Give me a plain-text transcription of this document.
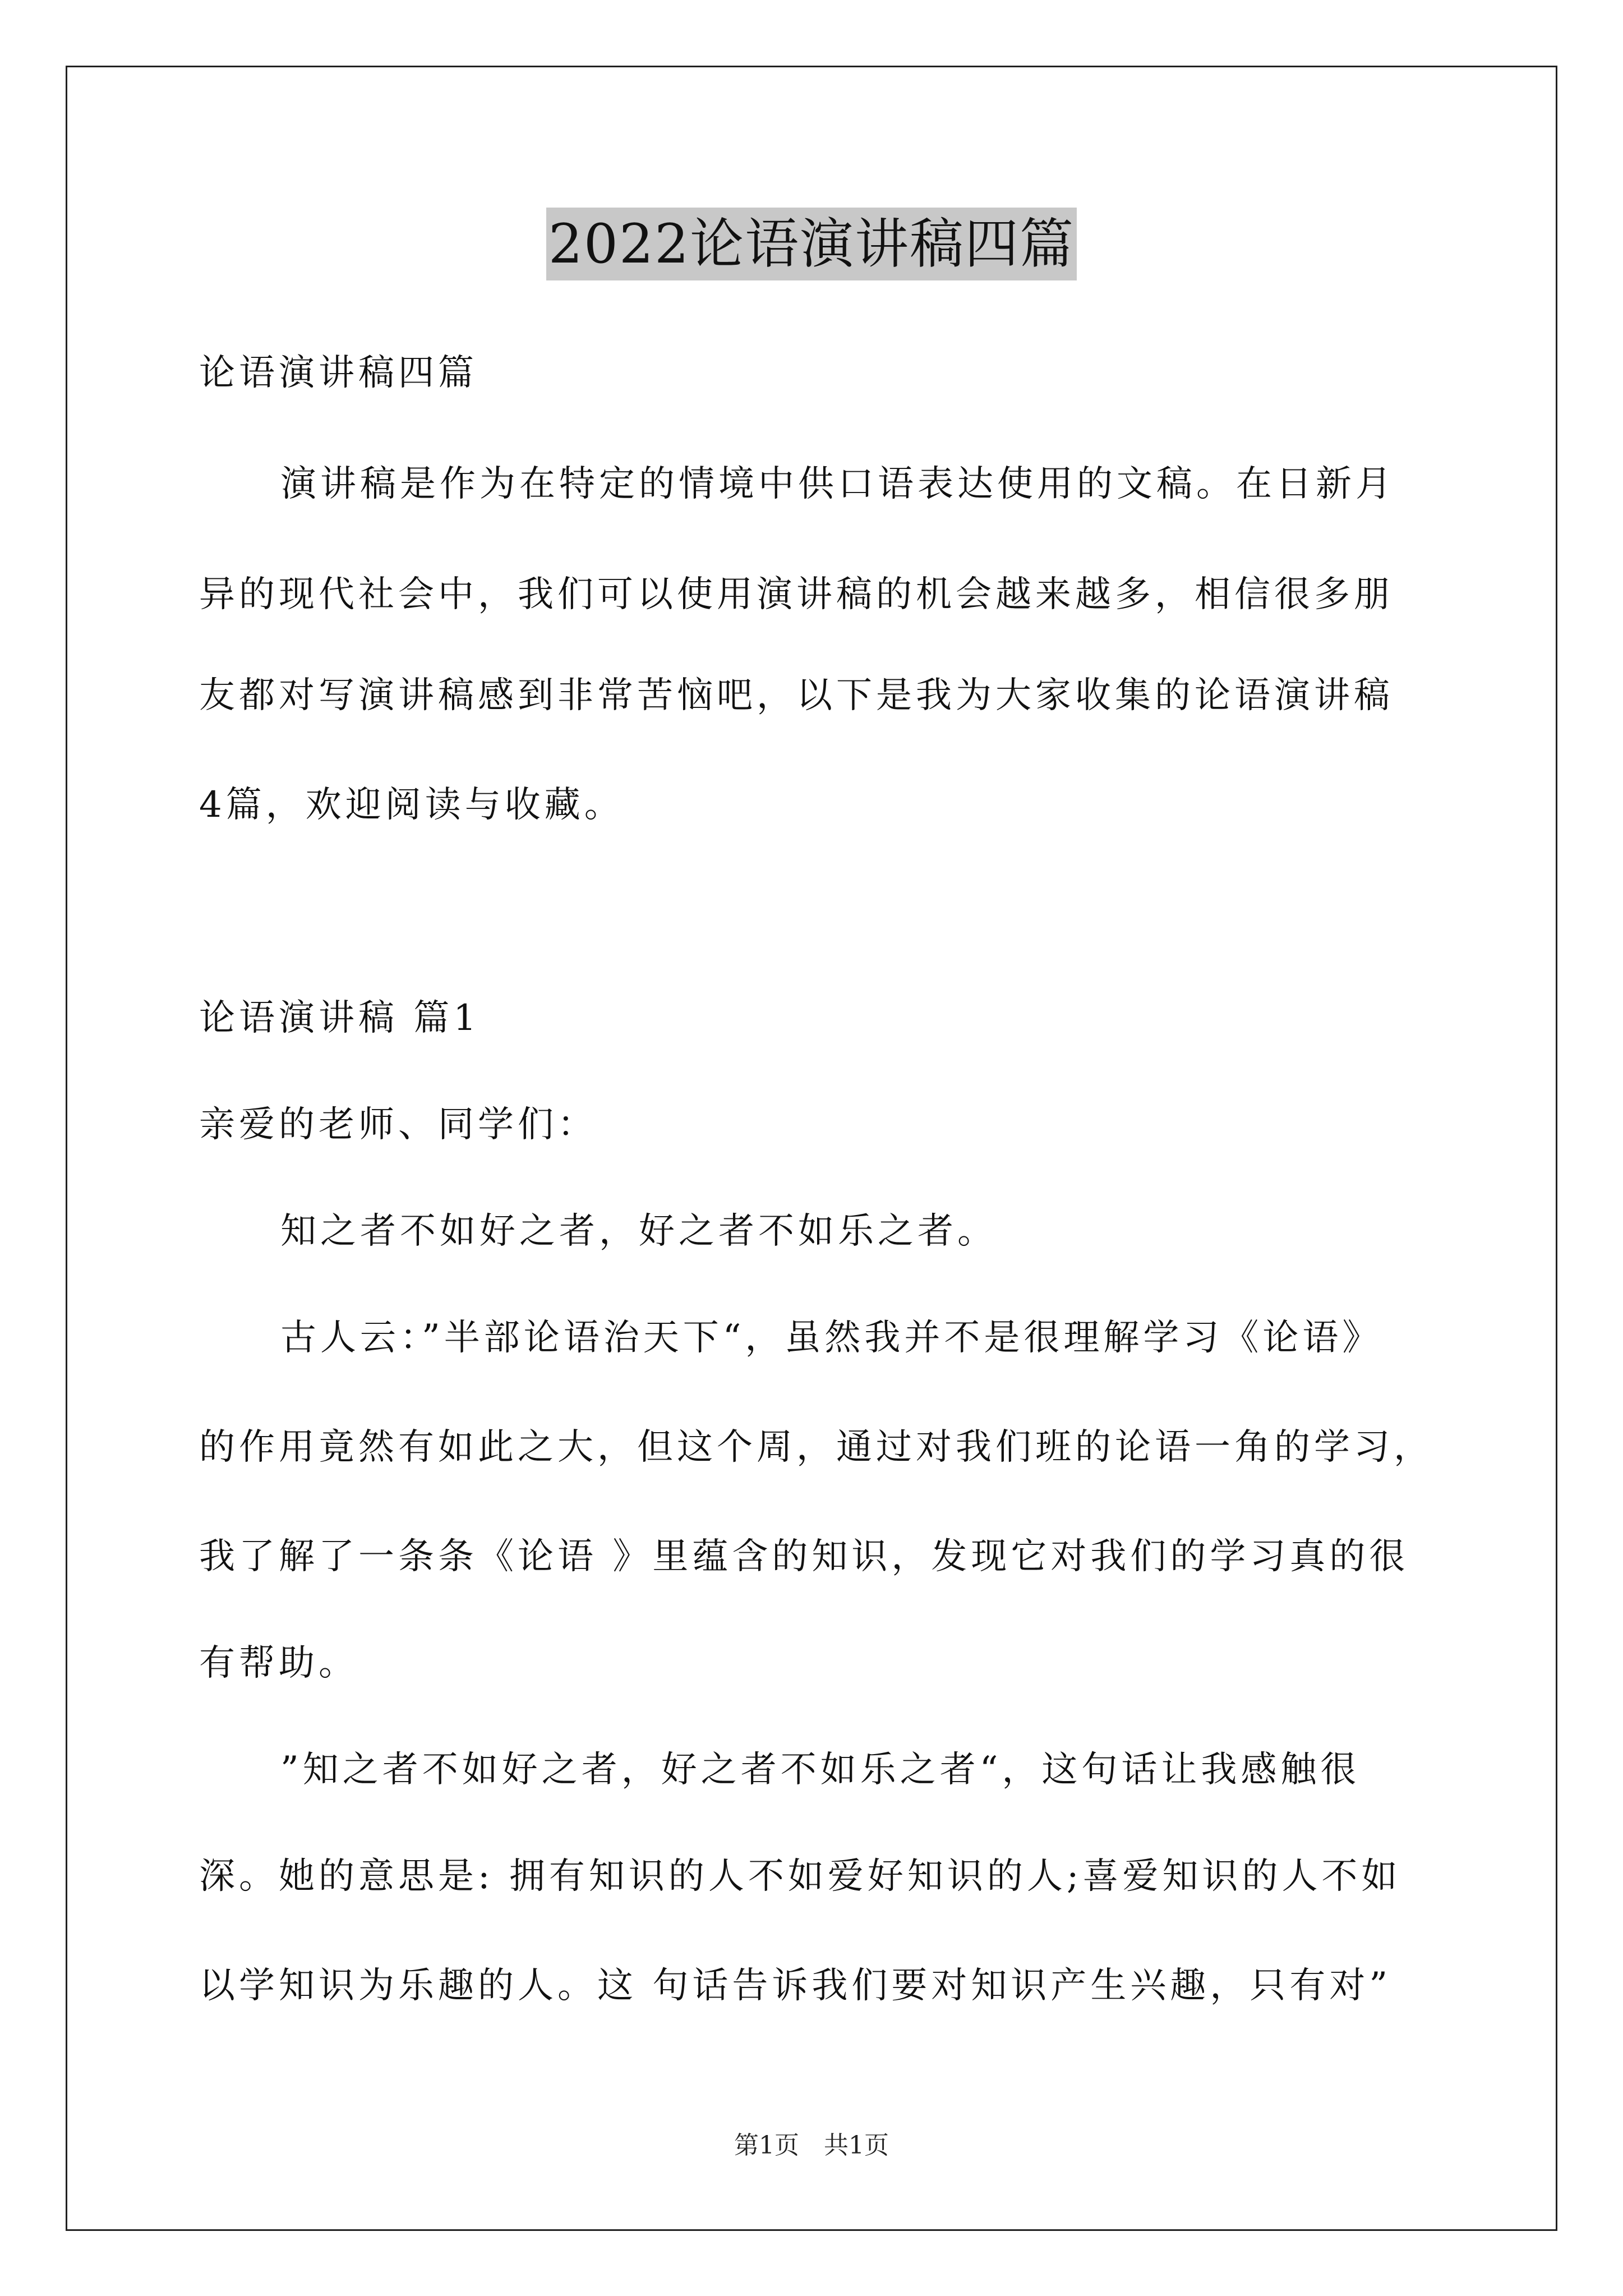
2022论语演讲稿四篇
论语演讲稿四篇
演讲稿是作为在特定的情境中供口语表达使用的文稿。在日新月
异的现代社会中，我们可以使用演讲稿的机会越来越多，相信很多朋
友都对写演讲稿感到非常苦恼吧，以下是我为大家收集的论语演讲稿
4篇，欢迎阅读与收藏。
论语演讲稿 篇1
亲爱的老师、同学们：
知之者不如好之者，好之者不如乐之者。
古人云：”半部论语治天下“，虽然我并不是很理解学习《论语》
的作用竟然有如此之大，但这个周，通过对我们班的论语一角的学习，
我了解了一条条《论语 》里蕴含的知识，发现它对我们的学习真的很
有帮助。
”知之者不如好之者，好之者不如乐之者“，这句话让我感触很
深。她的意思是: 拥有知识的人不如爱好知识的人;喜爱知识的人不如
以学知识为乐趣的人。这 句话告诉我们要对知识产生兴趣，只有对”
第1页　共1页
